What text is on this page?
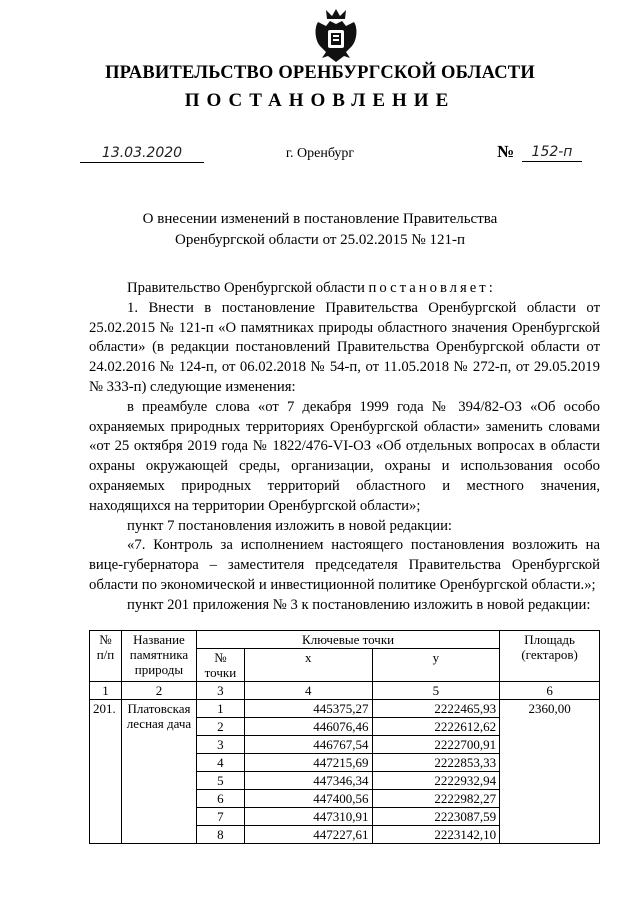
ПРАВИТЕЛЬСТВО ОРЕНБУРГСКОЙ ОБЛАСТИ
ПОСТАНОВЛЕНИЕ
13.03.2020	г. Оренбург	№	152-п
О внесении изменений в постановление Правительства
Оренбургской области от 25.02.2015 № 121-п

Правительство Оренбургской области постановляет:

1. Внести в постановление Правительства Оренбургской области от 25.02.2015 № 121-п «О памятниках природы областного значения Оренбургской области» (в редакции постановлений Правительства Оренбургской области от 24.02.2016 № 124-п, от 06.02.2018 № 54-п, от 11.05.2018 № 272-п, от 29.05.2019 № 333-п) следующие изменения:

в преамбуле слова «от 7 декабря 1999 года № 394/82-ОЗ «Об особо охраняемых природных территориях Оренбургской области» заменить словами «от 25 октября 2019 года № 1822/476-VI-ОЗ «Об отдельных вопросах в области охраны окружающей среды, организации, охраны и использования особо охраняемых природных территорий областного и местного значения, находящихся на территории Оренбургской области»;

пункт 7 постановления изложить в новой редакции:

«7. Контроль за исполнением настоящего постановления возложить на вице-губернатора – заместителя председателя Правительства Оренбургской области по экономической и инвестиционной политике Оренбургской области.»;

пункт 201 приложения № 3 к постановлению изложить в новой редакции:

№ п/п	Название памятника природы	Ключевые точки			Площадь (гектаров)
		№ точки	x	y	
1	2	3	4	5	6
201.	Платовская лесная дача	1	445375,27	2222465,93	2360,00
		2	446076,46	2222612,62	
		3	446767,54	2222700,91	
		4	447215,69	2222853,33	
		5	447346,34	2222932,94	
		6	447400,56	2222982,27	
		7	447310,91	2223087,59	
		8	447227,61	2223142,10	
